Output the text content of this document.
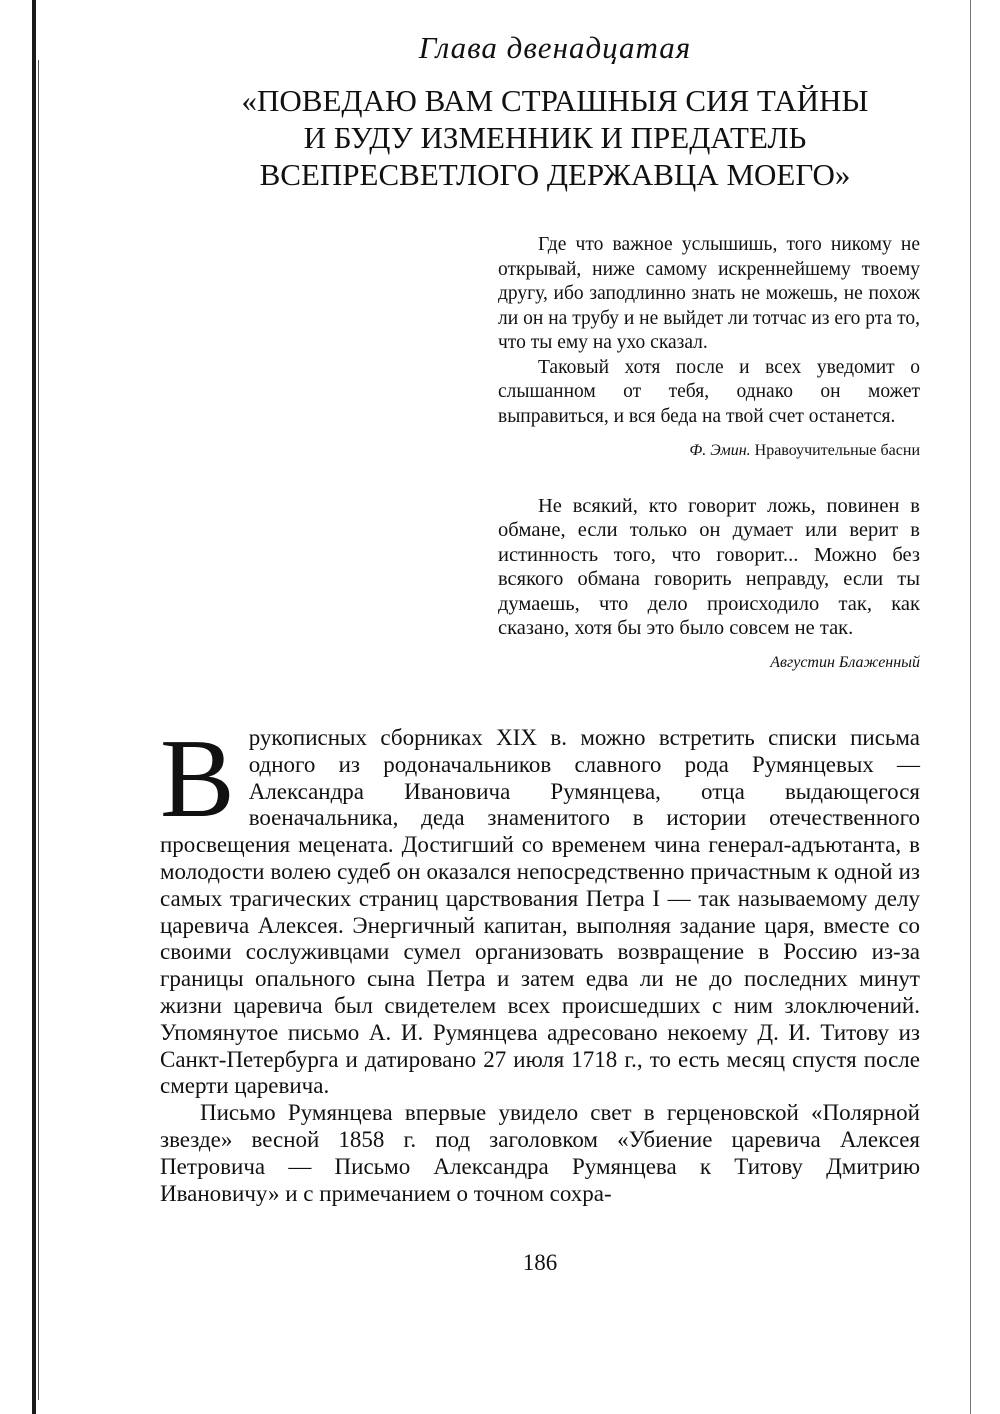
Глава двенадцатая
«ПОВЕДАЮ ВАМ СТРАШНЫЯ СИЯ ТАЙНЫ
И БУДУ ИЗМЕННИК И ПРЕДАТЕЛЬ
ВСЕПРЕСВЕТЛОГО ДЕРЖАВЦА МОЕГО»

Где что важное услышишь, того никому не открывай, ниже самому искреннейшему твоему другу, ибо заподлинно знать не можешь, не похож ли он на трубу и не выйдет ли тотчас из его рта то, что ты ему на ухо сказал.

Таковый хотя после и всех уведомит о слышанном от тебя, однако он может выправиться, и вся беда на твой счет останется.

Ф. Эмин. Нравоучительные басни

Не всякий, кто говорит ложь, повинен в обмане, если только он думает или верит в истинность того, что говорит... Можно без всякого обмана говорить неправду, если ты думаешь, что дело происходило так, как сказано, хотя бы это было совсем не так.

Августин Блаженный

Врукописных сборниках XIX в. можно встретить списки письма одного из родоначальников славного рода Румянцевых — Александра Ивановича Румянцева, отца выдающегося военачальника, деда знаменитого в истории отечественного просвещения мецената. Достигший со временем чина генерал-адъютанта, в молодости волею судеб он оказался непосредственно причастным к одной из самых трагических страниц царствования Петра I — так называемому делу царевича Алексея. Энергичный капитан, выполняя задание царя, вместе со своими сослуживцами сумел организовать возвращение в Россию из-за границы опального сына Петра и затем едва ли не до последних минут жизни царевича был свидетелем всех происшедших с ним злоключений. Упомянутое письмо А. И. Румянцева адресовано некоему Д. И. Титову из Санкт-Петербурга и датировано 27 июля 1718 г., то есть месяц спустя после смерти царевича.

Письмо Румянцева впервые увидело свет в герценовской «Полярной звезде» весной 1858 г. под заголовком «Убиение царевича Алексея Петровича — Письмо Александра Румянцева к Титову Дмитрию Ивановичу» и с примечанием о точном сохра-

186
